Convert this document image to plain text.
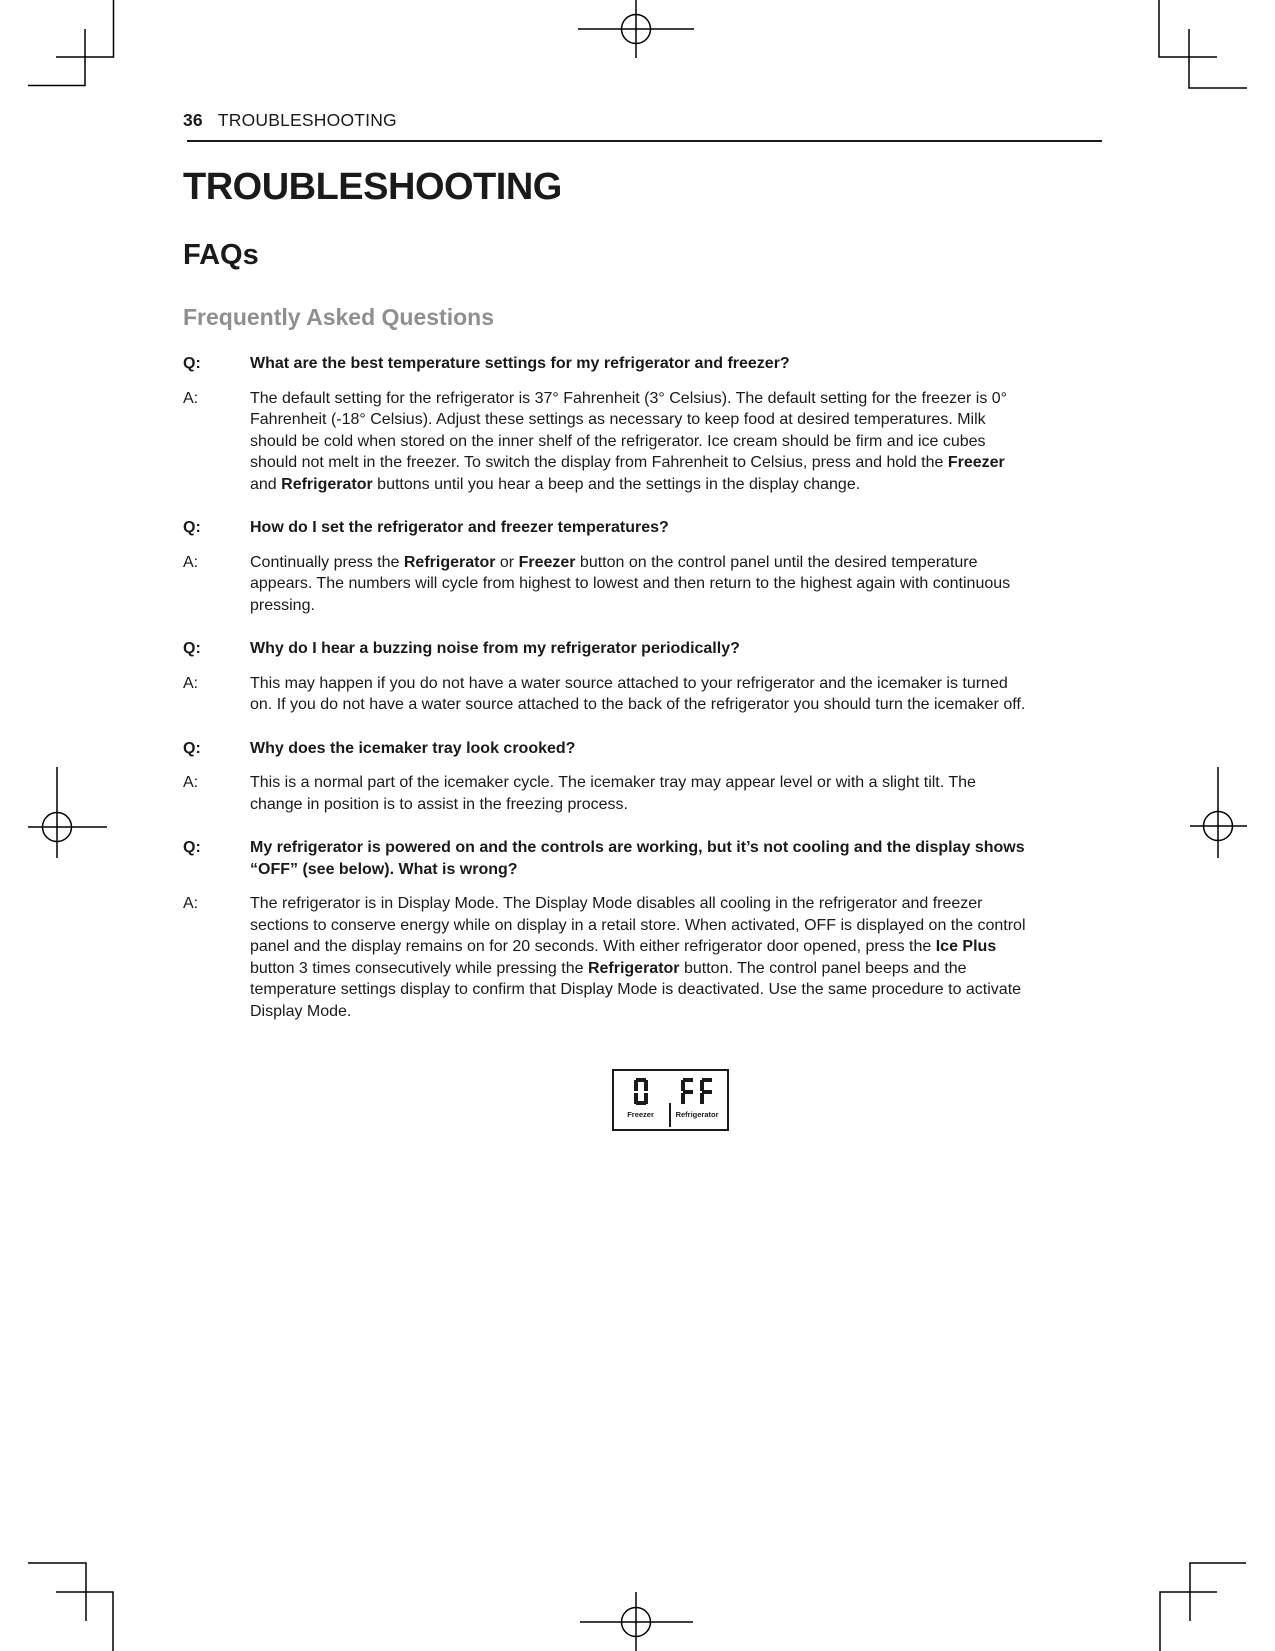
36 TROUBLESHOOTING
TROUBLESHOOTING
FAQs
Frequently Asked Questions
Q:	What are the best temperature settings for my refrigerator and freezer?
A:	The default setting for the refrigerator is 37° Fahrenheit (3° Celsius). The default setting for the freezer is 0° Fahrenheit (-18° Celsius). Adjust these settings as necessary to keep food at desired temperatures. Milk should be cold when stored on the inner shelf of the refrigerator. Ice cream should be firm and ice cubes should not melt in the freezer. To switch the display from Fahrenheit to Celsius, press and hold the Freezer and Refrigerator buttons until you hear a beep and the settings in the display change.
Q:	How do I set the refrigerator and freezer temperatures?
A:	Continually press the Refrigerator or Freezer button on the control panel until the desired temperature appears. The numbers will cycle from highest to lowest and then return to the highest again with continuous pressing.
Q:	Why do I hear a buzzing noise from my refrigerator periodically?
A:	This may happen if you do not have a water source attached to your refrigerator and the icemaker is turned on. If you do not have a water source attached to the back of the refrigerator you should turn the icemaker off.
Q:	Why does the icemaker tray look crooked?
A:	This is a normal part of the icemaker cycle. The icemaker tray may appear level or with a slight tilt. The change in position is to assist in the freezing process.
Q:	My refrigerator is powered on and the controls are working, but it’s not cooling and the display shows “OFF” (see below). What is wrong?
A:	The refrigerator is in Display Mode. The Display Mode disables all cooling in the refrigerator and freezer sections to conserve energy while on display in a retail store. When activated, OFF is displayed on the control panel and the display remains on for 20 seconds. With either refrigerator door opened, press the Ice Plus button 3 times consecutively while pressing the Refrigerator button. The control panel beeps and the temperature settings display to confirm that Display Mode is deactivated. Use the same procedure to activate Display Mode.
Freezer	Refrigerator
